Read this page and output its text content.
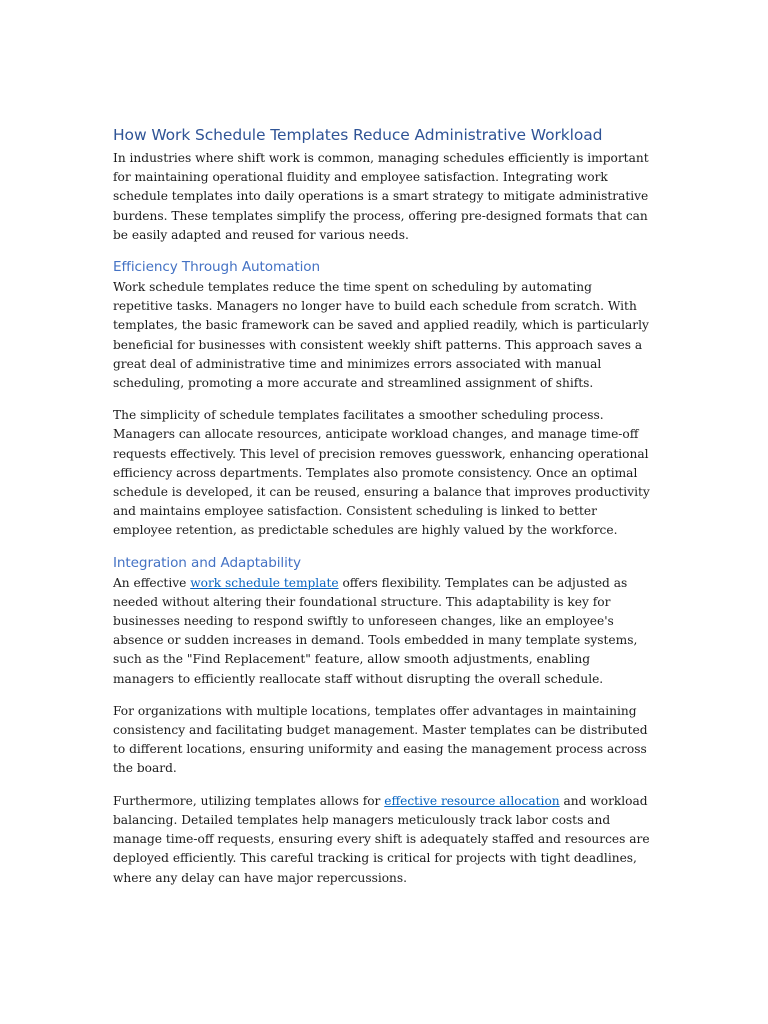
How Work Schedule Templates Reduce Administrative Workload

In industries where shift work is common, managing schedules efficiently is important for maintaining operational fluidity and employee satisfaction. Integrating work schedule templates into daily operations is a smart strategy to mitigate administrative burdens. These templates simplify the process, offering pre-designed formats that can be easily adapted and reused for various needs.

Efficiency Through Automation

Work schedule templates reduce the time spent on scheduling by automating repetitive tasks. Managers no longer have to build each schedule from scratch. With templates, the basic framework can be saved and applied readily, which is particularly beneficial for businesses with consistent weekly shift patterns. This approach saves a great deal of administrative time and minimizes errors associated with manual scheduling, promoting a more accurate and streamlined assignment of shifts.

The simplicity of schedule templates facilitates a smoother scheduling process. Managers can allocate resources, anticipate workload changes, and manage time-off requests effectively. This level of precision removes guesswork, enhancing operational efficiency across departments. Templates also promote consistency. Once an optimal schedule is developed, it can be reused, ensuring a balance that improves productivity and maintains employee satisfaction. Consistent scheduling is linked to better employee retention, as predictable schedules are highly valued by the workforce.

Integration and Adaptability

An effective work schedule template offers flexibility. Templates can be adjusted as needed without altering their foundational structure. This adaptability is key for businesses needing to respond swiftly to unforeseen changes, like an employee's absence or sudden increases in demand. Tools embedded in many template systems, such as the "Find Replacement" feature, allow smooth adjustments, enabling managers to efficiently reallocate staff without disrupting the overall schedule.

For organizations with multiple locations, templates offer advantages in maintaining consistency and facilitating budget management. Master templates can be distributed to different locations, ensuring uniformity and easing the management process across the board.

Furthermore, utilizing templates allows for effective resource allocation and workload balancing. Detailed templates help managers meticulously track labor costs and manage time-off requests, ensuring every shift is adequately staffed and resources are deployed efficiently. This careful tracking is critical for projects with tight deadlines, where any delay can have major repercussions.
